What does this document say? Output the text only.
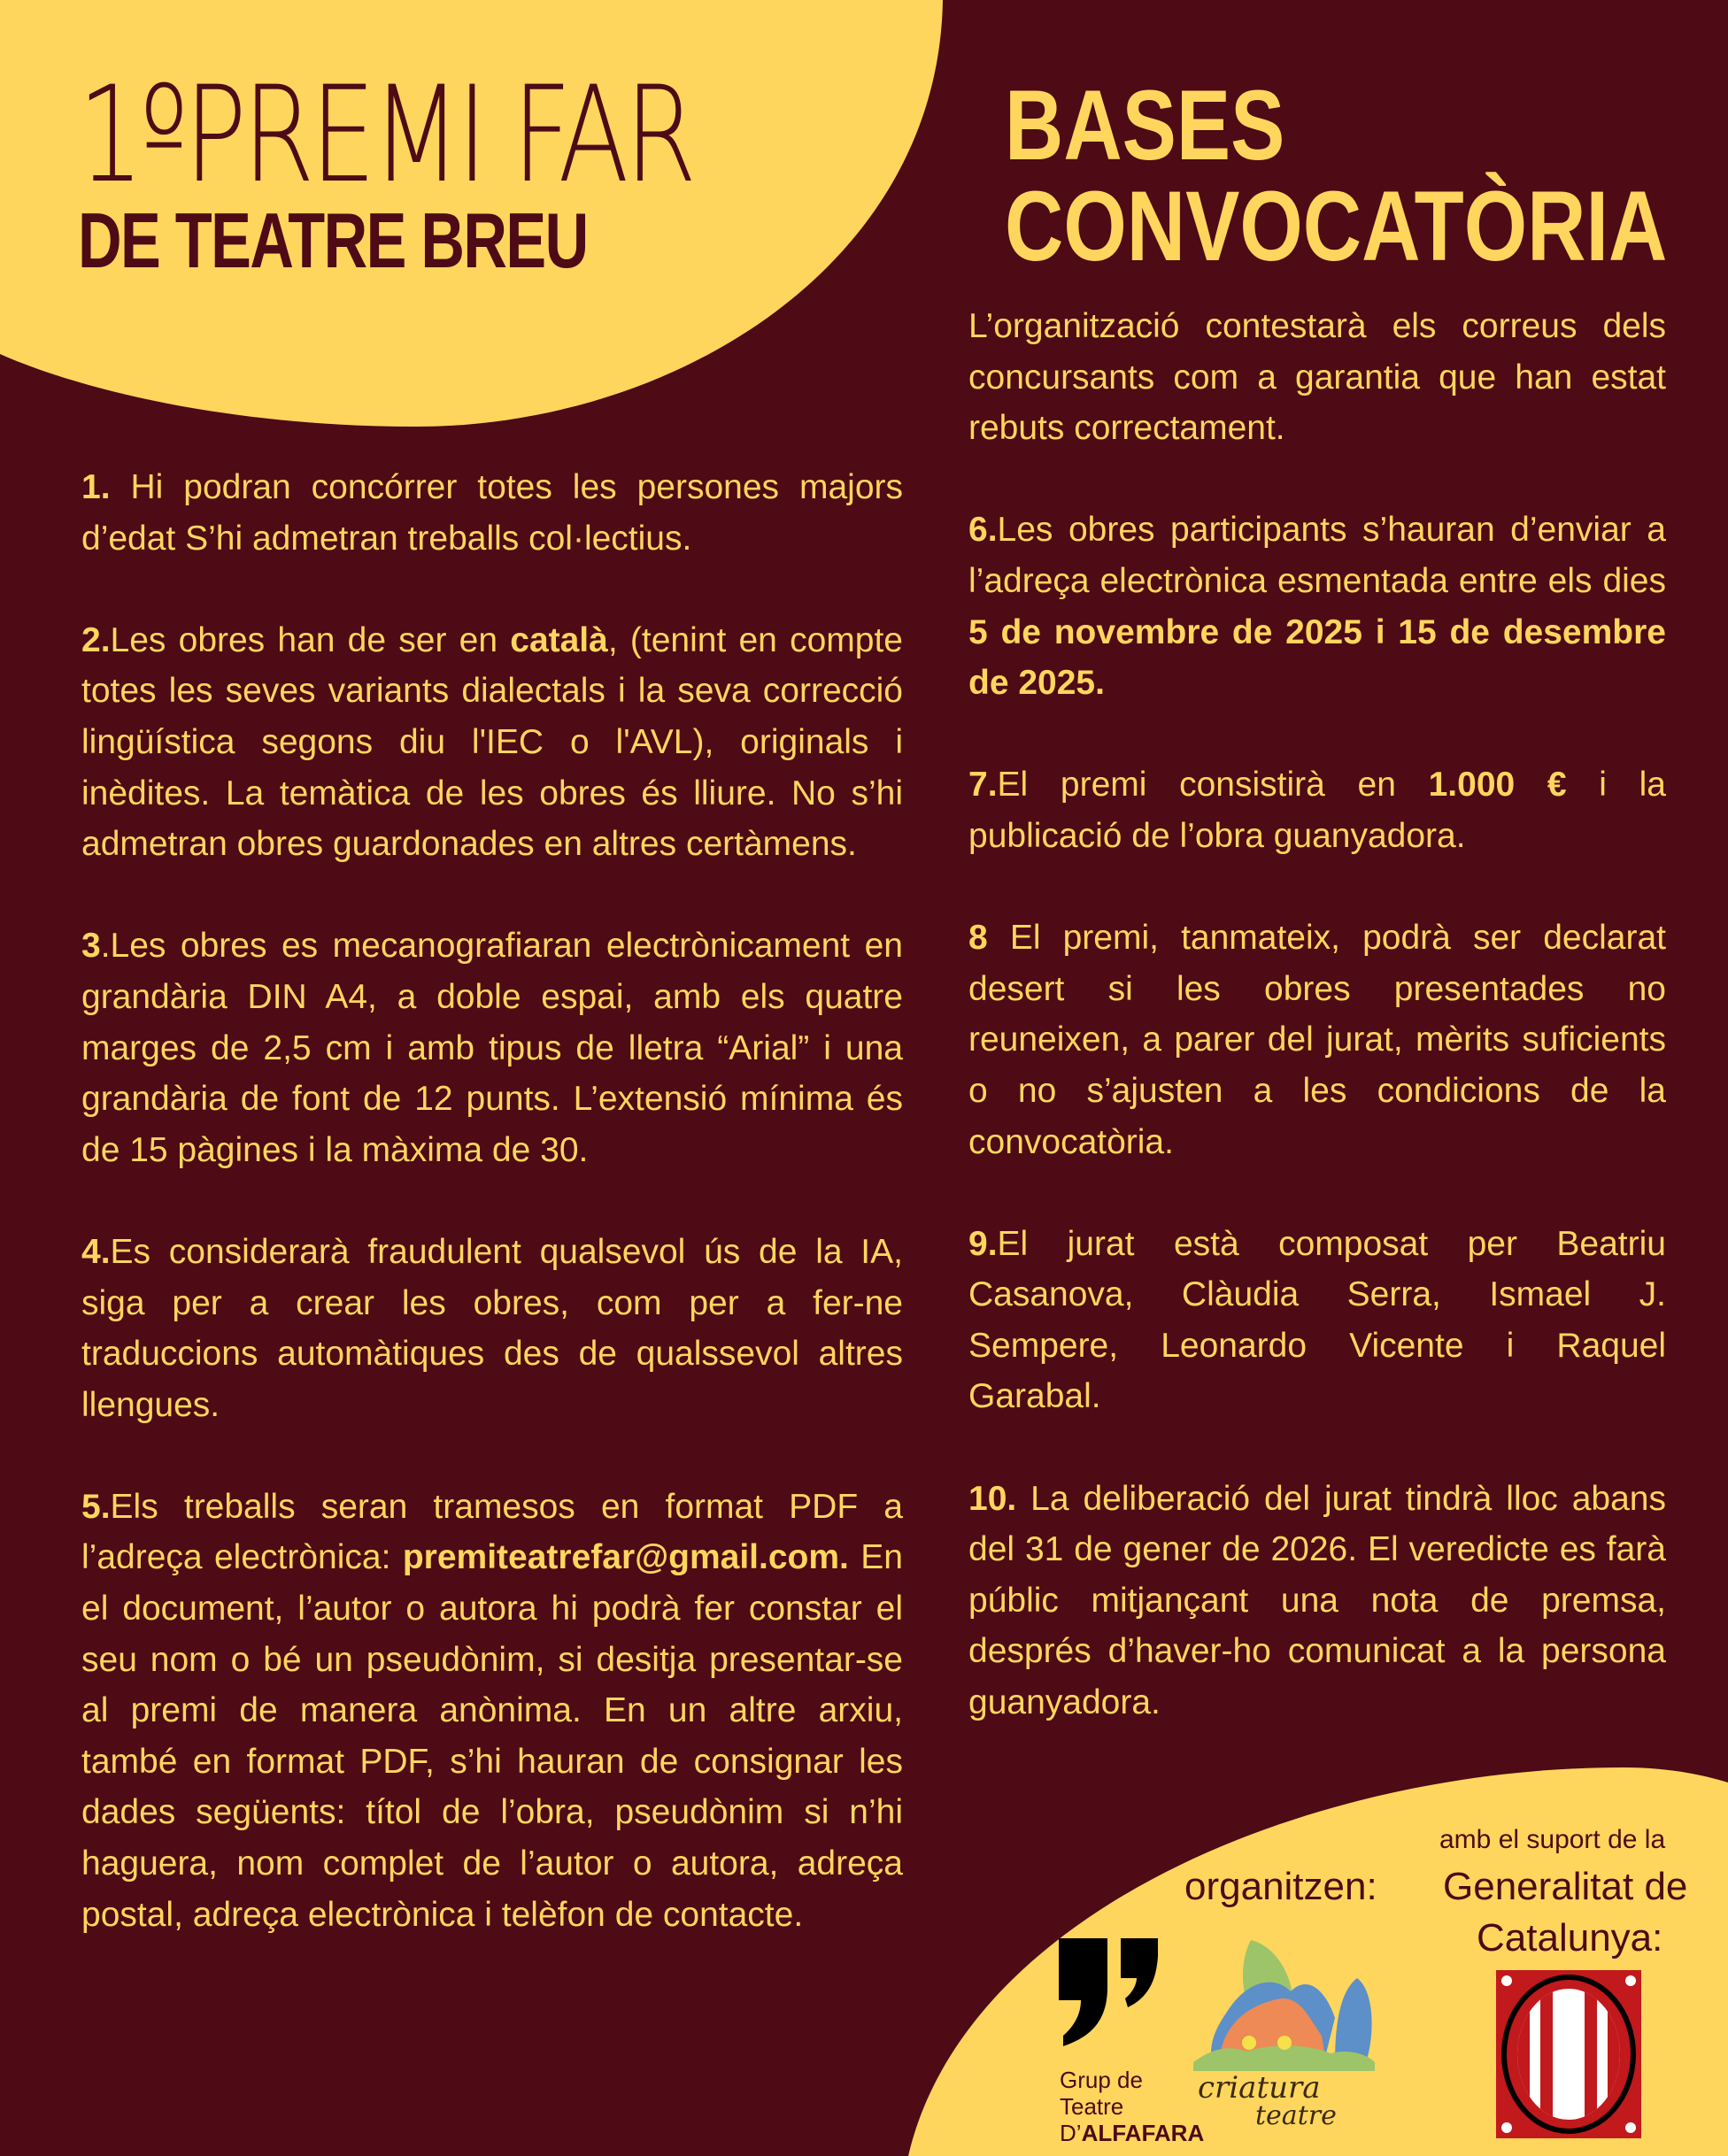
1ºPREMI FAR
DE TEATRE BREU
BASES
CONVOCATÒRIA

1. Hi podran concórrer totes les persones majors d’edat S’hi admetran treballs col·lectius.

2.Les obres han de ser en català, (tenint en compte totes les seves variants dialectals i la seva correcció lingüística segons diu l'IEC o l'AVL), originals i inèdites. La temàtica de les obres és lliure. No s’hi admetran obres guardonades en altres certàmens.

3.Les obres es mecanografiaran electrònicament en grandària DIN A4, a doble espai, amb els quatre marges de 2,5 cm i amb tipus de lletra “Arial” i una grandària de font de 12 punts. L’extensió mínima és de 15 pàgines i la màxima de 30.

4.Es considerarà fraudulent qualsevol ús de la IA, siga per a crear les obres, com per a fer-ne traduccions automàtiques des de qualssevol altres llengues.

5.Els treballs seran tramesos en format PDF a l’adreça electrònica: premiteatrefar@gmail.com. En el document, l’autor o autora hi podrà fer constar el seu nom o bé un pseudònim, si desitja presentar-se al premi de manera anònima. En un altre arxiu, també en format PDF, s’hi hauran de consignar les dades següents: títol de l’obra, pseudònim si n’hi haguera, nom complet de l’autor o autora, adreça postal, adreça electrònica i telèfon de contacte.

L’organització contestarà els correus dels concursants com a garantia que han estat rebuts correctament.

6.Les obres participants s’hauran d’enviar a l’adreça electrònica esmentada entre els dies 5 de novembre de 2025 i 15 de desembre de 2025.

7.El premi consistirà en 1.000 € i la publicació de l’obra guanyadora.

8 El premi, tanmateix, podrà ser declarat desert si les obres presentades no reuneixen, a parer del jurat, mèrits suficients o no s’ajusten a les condicions de la convocatòria.

9.El jurat està composat per Beatriu Casanova, Clàudia Serra, Ismael J. Sempere, Leonardo Vicente i Raquel Garabal.

10. La deliberació del jurat tindrà lloc abans del 31 de gener de 2026. El veredicte es farà públic mitjançant una nota de premsa, després d’haver-ho comunicat a la persona guanyadora.

amb el suport de la
organitzen: Generalitat de
Catalunya:
Grup de
Teatre
D’ALFAFARA
criatura
teatre
